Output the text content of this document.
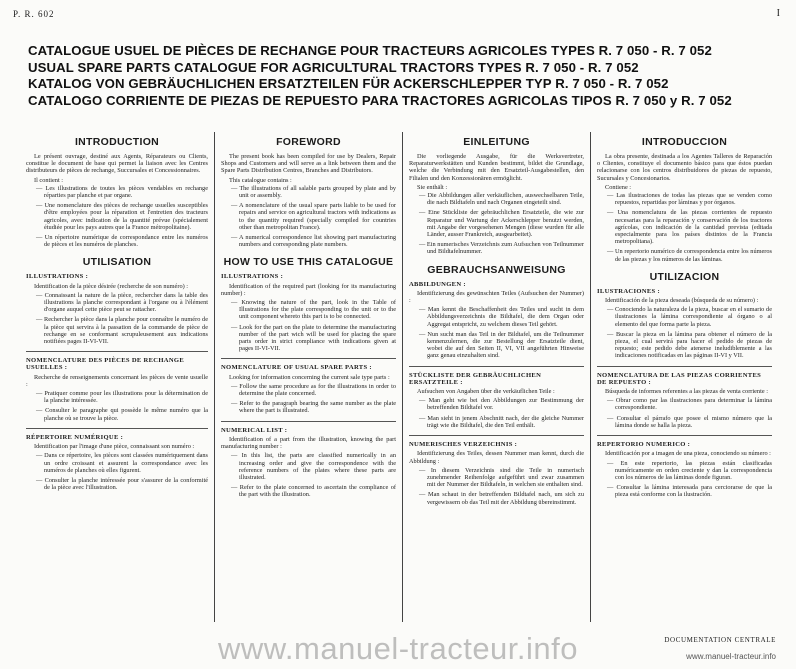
P. R. 602	I
CATALOGUE USUEL DE PIÈCES DE RECHANGE POUR TRACTEURS AGRICOLES TYPES R. 7 050 - R. 7 052
USUAL SPARE PARTS CATALOGUE FOR AGRICULTURAL TRACTORS TYPES R. 7 050 - R. 7 052
KATALOG VON GEBRÄUCHLICHEN ERSATZTEILEN FÜR ACKERSCHLEPPER TYP R. 7 050 - R. 7 052
CATALOGO CORRIENTE DE PIEZAS DE REPUESTO PARA TRACTORES AGRICOLAS TIPOS R. 7 050 y R. 7 052
INTRODUCTION
Le présent ouvrage, destiné aux Agents, Réparateurs ou Clients, constitue le document de base qui permet la liaison avec les Centres distributeurs de pièces de rechange, Succursales et Concessionnaires.
Il contient :
— Les illustrations de toutes les pièces vendables en rechange réparties par planche et par organe.
— Une nomenclature des pièces de rechange usuelles susceptibles d'être employées pour la réparation et l'entretien des tracteurs agricoles, avec indication de la quantité prévue (spécialement étudiée pour les pays autres que la France métropolitaine).
— Un répertoire numérique de correspondance entre les numéros de pièces et les numéros de planches.
UTILISATION
ILLUSTRATIONS :
Identification de la pièce désirée (recherche de son numéro) :
— Connaissant la nature de la pièce, rechercher dans la table des illustrations la planche correspondant à l'organe ou à l'élément d'organe auquel cette pièce peut se rattacher.
— Rechercher la pièce dans la planche pour connaître le numéro de la pièce qui servira à la passation de la commande de pièce de rechange en se conformant scrupuleusement aux indications notifiées pages II-VI-VII.
NOMENCLATURE DES PIÈCES DE RECHANGE USUELLES :
Recherche de renseignements concernant les pièces de vente usuelle :
— Pratiquer comme pour les illustrations pour la détermination de la planche intéressée.
— Consulter le paragraphe qui possède le même numéro que la planche où se trouve la pièce.
RÉPERTOIRE NUMÉRIQUE :
Identification par l'image d'une pièce, connaissant son numéro :
— Dans ce répertoire, les pièces sont classées numériquement dans un ordre croissant et assurent la correspondance avec les numéros de planches où elles figurent.
— Consulter la planche intéressée pour s'assurer de la conformité de la pièce avec l'illustration.
FOREWORD
The present book has been compiled for use by Dealers, Repair Shops and Customers and will serve as a link between them and the Spare Parts Distribution Centres, Branches and Distributors.
This catalogue contains :
— The illustrations of all salable parts grouped by plate and by unit or assembly.
— A nomenclature of the usual spare parts liable to be used for repairs and service on agricultural tractors with indications as to the quantity required (specially compiled for countries other than metropolitan France).
— A numerical correspondence list showing part manufacturing numbers and corresponding plate numbers.
HOW TO USE THIS CATALOGUE
ILLUSTRATIONS :
Identification of the required part (looking for its manufacturing number) :
— Knowing the nature of the part, look in the Table of Illustrations for the plate corresponding to the unit or to the unit component whereto this part is to be connected.
— Look for the part on the plate to determine the manufacturing number of the part wich will be used for placing the spare parts order in strict compliance with indications given at pages II-VI-VII.
NOMENCLATURE OF USUAL SPARE PARTS :
Looking for information concerning the current sale type parts :
— Follow the same procedure as for the illustrations in order to determine the plate concerned.
— Refer to the paragraph bearing the same number as the plate where the part is illustrated.
NUMERICAL LIST :
Identification of a part from the illustration, knowing the part manufacturing number :
— In this list, the parts are classified numerically in an increasing order and give the correspondence with the reference numbers of the plates where these parts are illustrated.
— Refer to the plate concerned to ascertain the compliance of the part with the illustration.
EINLEITUNG
Die vorliegende Ausgabe, für die Werksvertreter, Reparaturwerkstätten und Kunden bestimmt, bildet die Grundlage, welche die Verbindung mit den Ersatzteil-Ausgabestellen, den Filialen und den Konzessionären ermöglicht.
Sie enthält :
— Die Abbildungen aller verkäuflichen, auswechselbaren Teile, die nach Bildtafeln und nach Organen eingeteilt sind.
— Eine Stückliste der gebräuchlichen Ersatzteile, die wie zur Reparatur und Wartung der Ackerschlepper benutzt werden, mit Angabe der vorgesehenen Mengen (diese wurden für alle Länder, ausser Frankreich, ausgearbeitet).
— Ein numerisches Verzeichnis zum Aufsuchen von Teilnummer und Bildtafelnummer.
GEBRAUCHSANWEISUNG
ABBILDUNGEN :
Identifizierung des gewünschten Teiles (Aufsuchen der Nummer) :
— Man kennt die Beschaffenheit des Teiles und sucht in dem Abbildungsverzeichnis die Bildtafel, die dem Organ oder Aggregat entspricht, zu welchem dieses Teil gehört.
— Nun sucht man das Teil in der Bildtafel, um die Teilnummer kennenzulernen, die zur Bestellung der Ersatzteile dient, wobei die auf den Seiten II, VI, VII angeführten Hinweise ganz genau einzuhalten sind.
STÜCKLISTE DER GEBRÄUCHLICHEN ERSATZTEILE :
Aufsuchen von Angaben über die verkäuflichen Teile :
— Man geht wie bei den Abbildungen zur Bestimmung der betreffenden Bildtafel vor.
— Man sieht in jenem Abschnitt nach, der die gleiche Nummer trägt wie die Bildtafel, die den Teil enthält.
NUMERISCHES VERZEICHNIS :
Identifizierung des Teiles, dessen Nummer man kennt, durch die Abbildung :
— In diesem Verzeichnis sind die Teile in numerisch zunehmender Reihenfolge aufgeführt und zwar zusammen mit der Nummer der Bildtafeln, in welchen sie enthalten sind.
— Man schaut in der betreffenden Bildtafel nach, um sich zu vergewissern ob das Teil mit der Abbildung übereinstimmt.
INTRODUCCION
La obra presente, destinada a los Agentes Talleres de Reparación o Clientes, constituye el documento básico para que éstos puedan relacionarse con los centros distribuidores de piezas de repuesto, Sucursales y Concesionarios.
Contiene :
— Las ilustraciones de todas las piezas que se venden como repuestos, repartidas por láminas y por órganos.
— Una nomenclatura de las piezas corrientes de repuesto necesarias para la reparación y conservación de los tractores agrícolas, con indicación de la cantidad prevista (editada especialmente para los países distintos de la Francia metropolitana).
— Un repertorio numérico de correspondencia entre los números de las piezas y los números de las láminas.
UTILIZACION
ILUSTRACIONES :
Identificación de la pieza deseada (búsqueda de su número) :
— Conociendo la naturaleza de la pieza, buscar en el sumario de ilustraciones la lámina correspondiente al órgano o al elemento del que forma parte la pieza.
— Buscar la pieza en la lámina para obtener el número de la pieza, el cual servirá para hacer el pedido de piezas de repuesto; este pedido debe atenerse ineludiblemente a las indicaciones notificadas en las páginas II-VI y VII.
NOMENCLATURA DE LAS PIEZAS CORRIENTES DE REPUESTO :
Búsqueda de informes referentes a las piezas de venta corriente :
— Obrar como par las ilustraciones para determinar la lámina correspondiente.
— Consultar el párrafo que posee el mismo número que la lámina donde se halla la pieza.
REPERTORIO NUMERICO :
Identificación por a imagen de una pieza, conociendo su número :
— En este repertorio, las piezas están clasificadas numéricamente en orden creciente y dan la correspondencia con los números de las láminas donde figuran.
— Consultar la lámina interesada para cerciorarse de que la pieza está conforme con la ilustración.
DOCUMENTATION CENTRALE
www.manuel-tracteur.info	www.manuel-tracteur.info
